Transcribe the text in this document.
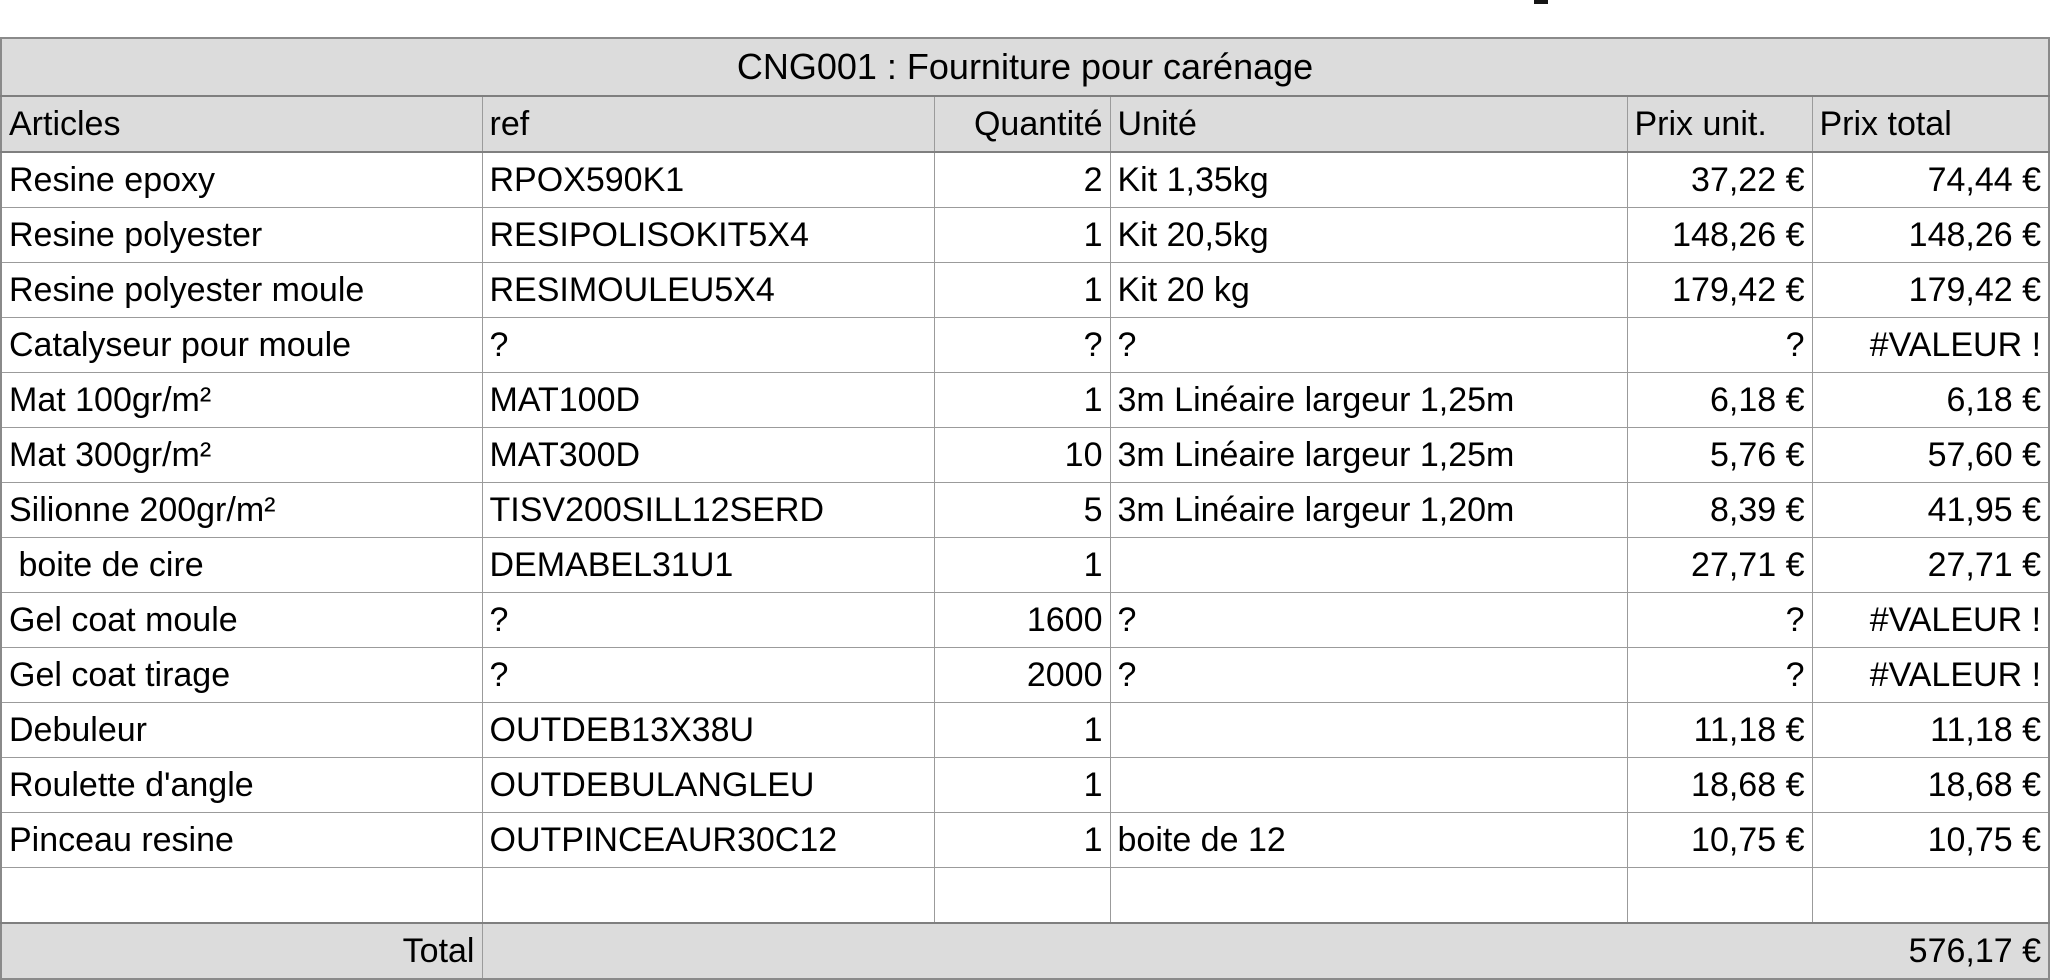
CNG001 : Fourniture pour carénage					
Articles	ref	Quantité	Unité	Prix unit.	Prix total
Resine epoxy	RPOX590K1	2	Kit 1,35kg	37,22 €	74,44 €
Resine polyester	RESIPOLISOKIT5X4	1	Kit 20,5kg	148,26 €	148,26 €
Resine polyester moule	RESIMOULEU5X4	1	Kit 20 kg	179,42 €	179,42 €
Catalyseur pour moule	?	?	?	?	#VALEUR !
Mat 100gr/m²	MAT100D	1	3m Linéaire largeur 1,25m	6,18 €	6,18 €
Mat 300gr/m²	MAT300D	10	3m Linéaire largeur 1,25m	5,76 €	57,60 €
Silionne 200gr/m²	TISV200SILL12SERD	5	3m Linéaire largeur 1,20m	8,39 €	41,95 €
boite de cire	DEMABEL31U1	1		27,71 €	27,71 €
Gel coat moule	?	1600	?	?	#VALEUR !
Gel coat tirage	?	2000	?	?	#VALEUR !
Debuleur	OUTDEB13X38U	1		11,18 €	11,18 €
Roulette d'angle	OUTDEBULANGLEU	1		18,68 €	18,68 €
Pinceau resine	OUTPINCEAUR30C12	1	boite de 12	10,75 €	10,75 €

Total	576,17 €				
